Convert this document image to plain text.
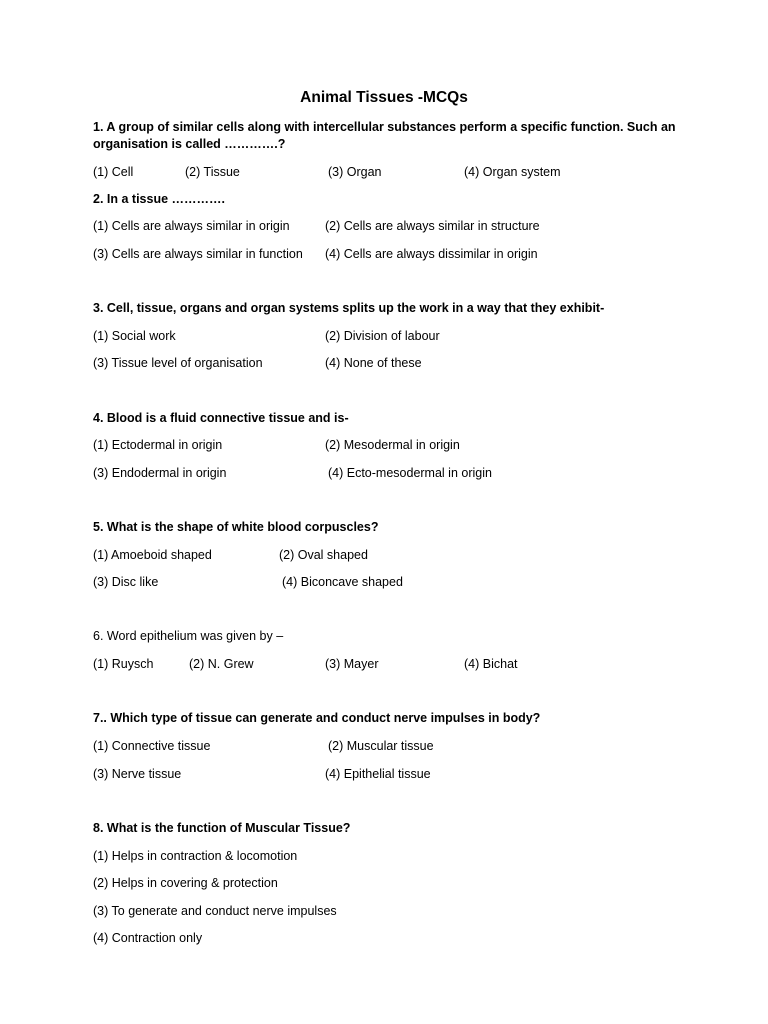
Animal Tissues -MCQs
1. A group of similar cells along with intercellular substances perform a specific function. Such an organisation is called ………….?
(1) Cell	(2) Tissue	(3) Organ	(4) Organ system
2. In a tissue ………….
(1) Cells are always similar in origin	(2) Cells are always similar in structure
(3) Cells are always similar in function (4) Cells are always dissimilar in origin
3. Cell, tissue, organs and organ systems splits up the work in a way that they exhibit-
(1) Social work	(2) Division of labour
(3) Tissue level of organisation	(4) None of these
4. Blood is a fluid connective tissue and is-
(1) Ectodermal in origin	(2) Mesodermal in origin
(3) Endodermal in origin	(4) Ecto-mesodermal in origin
5. What is the shape of white blood corpuscles?
(1) Amoeboid shaped	(2) Oval shaped
(3) Disc like	(4) Biconcave shaped
6. Word epithelium was given by –
(1) Ruysch	(2) N. Grew	(3) Mayer	(4) Bichat
7.. Which type of tissue can generate and conduct nerve impulses in body?
(1) Connective tissue	(2) Muscular tissue
(3) Nerve tissue	(4) Epithelial tissue
8. What is the function of Muscular Tissue?
(1) Helps in contraction & locomotion
(2) Helps in covering & protection
(3) To generate and conduct nerve impulses
(4) Contraction only
